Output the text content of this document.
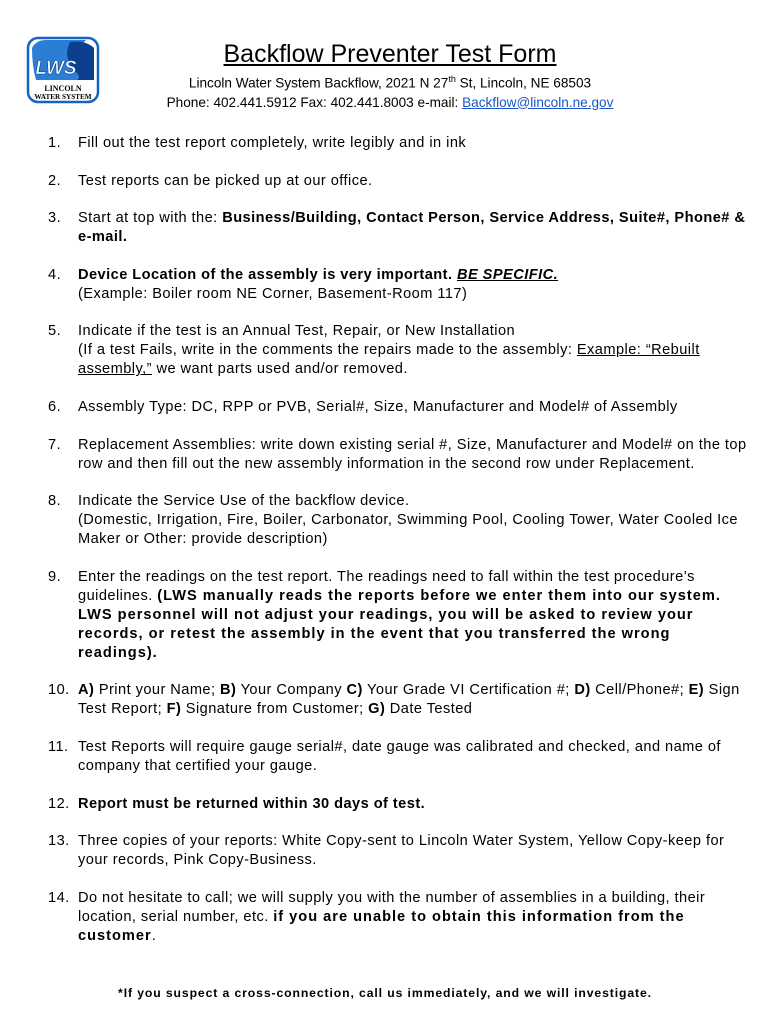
LWS
LINCOLN
WATER SYSTEM
Backflow Preventer Test Form
Lincoln Water System Backflow, 2021 N 27th St, Lincoln, NE 68503
Phone: 402.441.5912 Fax: 402.441.8003 e-mail: Backflow@lincoln.ne.gov
1. Fill out the test report completely, write legibly and in ink
2. Test reports can be picked up at our office.
3. Start at top with the: Business/Building, Contact Person, Service Address, Suite#, Phone# & e-mail.
4. Device Location of the assembly is very important. BE SPECIFIC.
(Example: Boiler room NE Corner, Basement-Room 117)
5. Indicate if the test is an Annual Test, Repair, or New Installation
(If a test Fails, write in the comments the repairs made to the assembly: Example: “Rebuilt assembly,” we want parts used and/or removed.
6. Assembly Type: DC, RPP or PVB, Serial#, Size, Manufacturer and Model# of Assembly
7. Replacement Assemblies: write down existing serial #, Size, Manufacturer and Model# on the top row and then fill out the new assembly information in the second row under Replacement.
8. Indicate the Service Use of the backflow device.
(Domestic, Irrigation, Fire, Boiler, Carbonator, Swimming Pool, Cooling Tower, Water Cooled Ice Maker or Other: provide description)
9. Enter the readings on the test report. The readings need to fall within the test procedure’s guidelines. (LWS manually reads the reports before we enter them into our system. LWS personnel will not adjust your readings, you will be asked to review your records, or retest the assembly in the event that you transferred the wrong readings).
10. A) Print your Name; B) Your Company C) Your Grade VI Certification #; D) Cell/Phone#; E) Sign Test Report; F) Signature from Customer; G) Date Tested
11. Test Reports will require gauge serial#, date gauge was calibrated and checked, and name of company that certified your gauge.
12. Report must be returned within 30 days of test.
13. Three copies of your reports: White Copy-sent to Lincoln Water System, Yellow Copy-keep for your records, Pink Copy-Business.
14. Do not hesitate to call; we will supply you with the number of assemblies in a building, their location, serial number, etc. if you are unable to obtain this information from the customer.
*If you suspect a cross-connection, call us immediately, and we will investigate.
